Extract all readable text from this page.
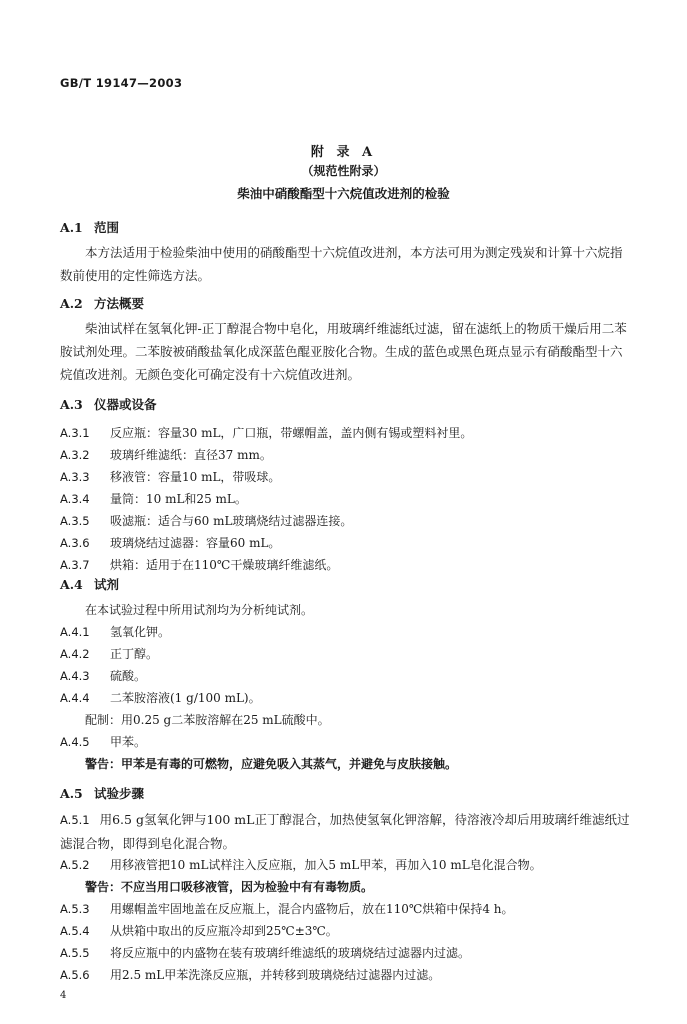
GB/T 19147—2003
附 录 A
（规范性附录）
柴油中硝酸酯型十六烷值改进剂的检验
A.1 范围

本方法适用于检验柴油中使用的硝酸酯型十六烷值改进剂，本方法可用为测定残炭和计算十六烷指数前使用的定性筛选方法。

A.2 方法概要

柴油试样在氢氧化钾-正丁醇混合物中皂化，用玻璃纤维滤纸过滤，留在滤纸上的物质干燥后用二苯胺试剂处理。二苯胺被硝酸盐氧化成深蓝色醌亚胺化合物。生成的蓝色或黑色斑点显示有硝酸酯型十六烷值改进剂。无颜色变化可确定没有十六烷值改进剂。

A.3 仪器或设备
A.3.1 反应瓶：容量30 mL，广口瓶，带螺帽盖，盖内侧有锡或塑料衬里。
A.3.2 玻璃纤维滤纸：直径37 mm。
A.3.3 移液管：容量10 mL，带吸球。
A.3.4 量筒：10 mL和25 mL。
A.3.5 吸滤瓶：适合与60 mL玻璃烧结过滤器连接。
A.3.6 玻璃烧结过滤器：容量60 mL。
A.3.7 烘箱：适用于在110℃干燥玻璃纤维滤纸。
A.4 试剂
在本试验过程中所用试剂均为分析纯试剂。
A.4.1 氢氧化钾。
A.4.2 正丁醇。
A.4.3 硫酸。
A.4.4 二苯胺溶液(1 g/100 mL)。
配制：用0.25 g二苯胺溶解在25 mL硫酸中。
A.4.5 甲苯。
警告：甲苯是有毒的可燃物，应避免吸入其蒸气，并避免与皮肤接触。
A.5 试验步骤

A.5.1 用6.5 g氢氧化钾与100 mL正丁醇混合，加热使氢氧化钾溶解，待溶液冷却后用玻璃纤维滤纸过滤混合物，即得到皂化混合物。

A.5.2 用移液管把10 mL试样注入反应瓶，加入5 mL甲苯，再加入10 mL皂化混合物。
警告：不应当用口吸移液管，因为检验中有有毒物质。
A.5.3 用螺帽盖牢固地盖在反应瓶上，混合内盛物后，放在110℃烘箱中保持4 h。
A.5.4 从烘箱中取出的反应瓶冷却到25℃±3℃。
A.5.5 将反应瓶中的内盛物在装有玻璃纤维滤纸的玻璃烧结过滤器内过滤。
A.5.6 用2.5 mL甲苯洗涤反应瓶，并转移到玻璃烧结过滤器内过滤。
4
